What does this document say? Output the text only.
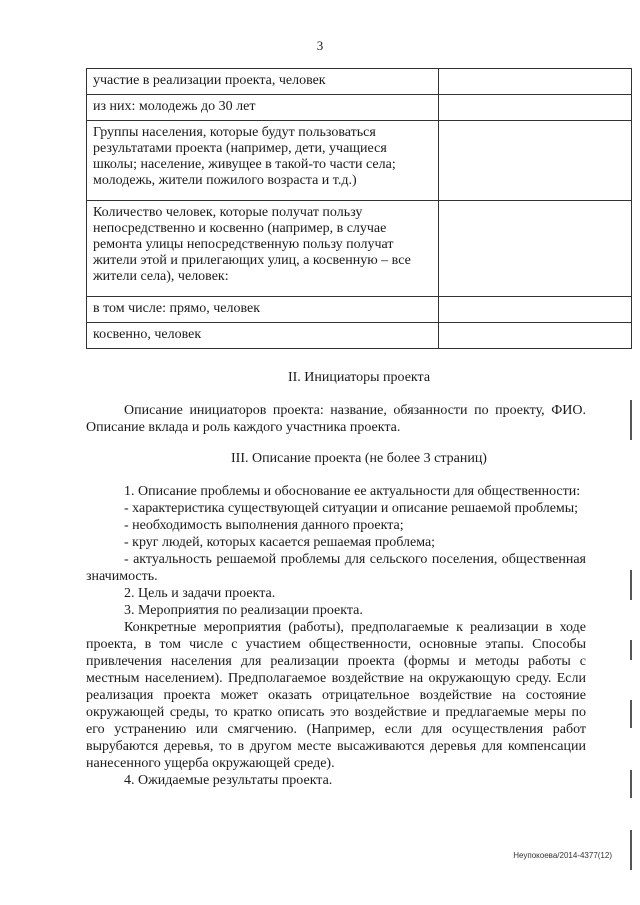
3
участие в реализации проекта, человек	
из них: молодежь до 30 лет	
Группы населения, которые будут пользоваться результатами проекта (например, дети, учащиеся школы; население, живущее в такой-то части села; молодежь, жители пожилого возраста и т.д.)	
Количество человек, которые получат пользу непосредственно и косвенно (например, в случае ремонта улицы непосредственную пользу получат жители этой и прилегающих улиц, а косвенную – все жители села), человек:	
в том числе: прямо, человек	
косвенно, человек	
II. Инициаторы проекта

Описание инициаторов проекта: название, обязанности по проекту, ФИО. Описание вклада и роль каждого участника проекта.

III. Описание проекта (не более 3 страниц)

1. Описание проблемы и обоснование ее актуальности для общественности:

- характеристика существующей ситуации и описание решаемой проблемы;

- необходимость выполнения данного проекта;

- круг людей, которых касается решаемая проблема;

- актуальность решаемой проблемы для сельского поселения, общественная значимость.

2. Цель и задачи проекта.

3. Мероприятия по реализации проекта.

Конкретные мероприятия (работы), предполагаемые к реализации в ходе проекта, в том числе с участием общественности, основные этапы. Способы привлечения населения для реализации проекта (формы и методы работы с местным населением). Предполагаемое воздействие на окружающую среду. Если реализация проекта может оказать отрицательное воздействие на состояние окружающей среды, то кратко описать это воздействие и предлагаемые меры по его устранению или смягчению. (Например, если для осуществления работ вырубаются деревья, то в другом месте высаживаются деревья для компенсации нанесенного ущерба окружающей среде).

4. Ожидаемые результаты проекта.

Неупокоева/2014-4377(12)
